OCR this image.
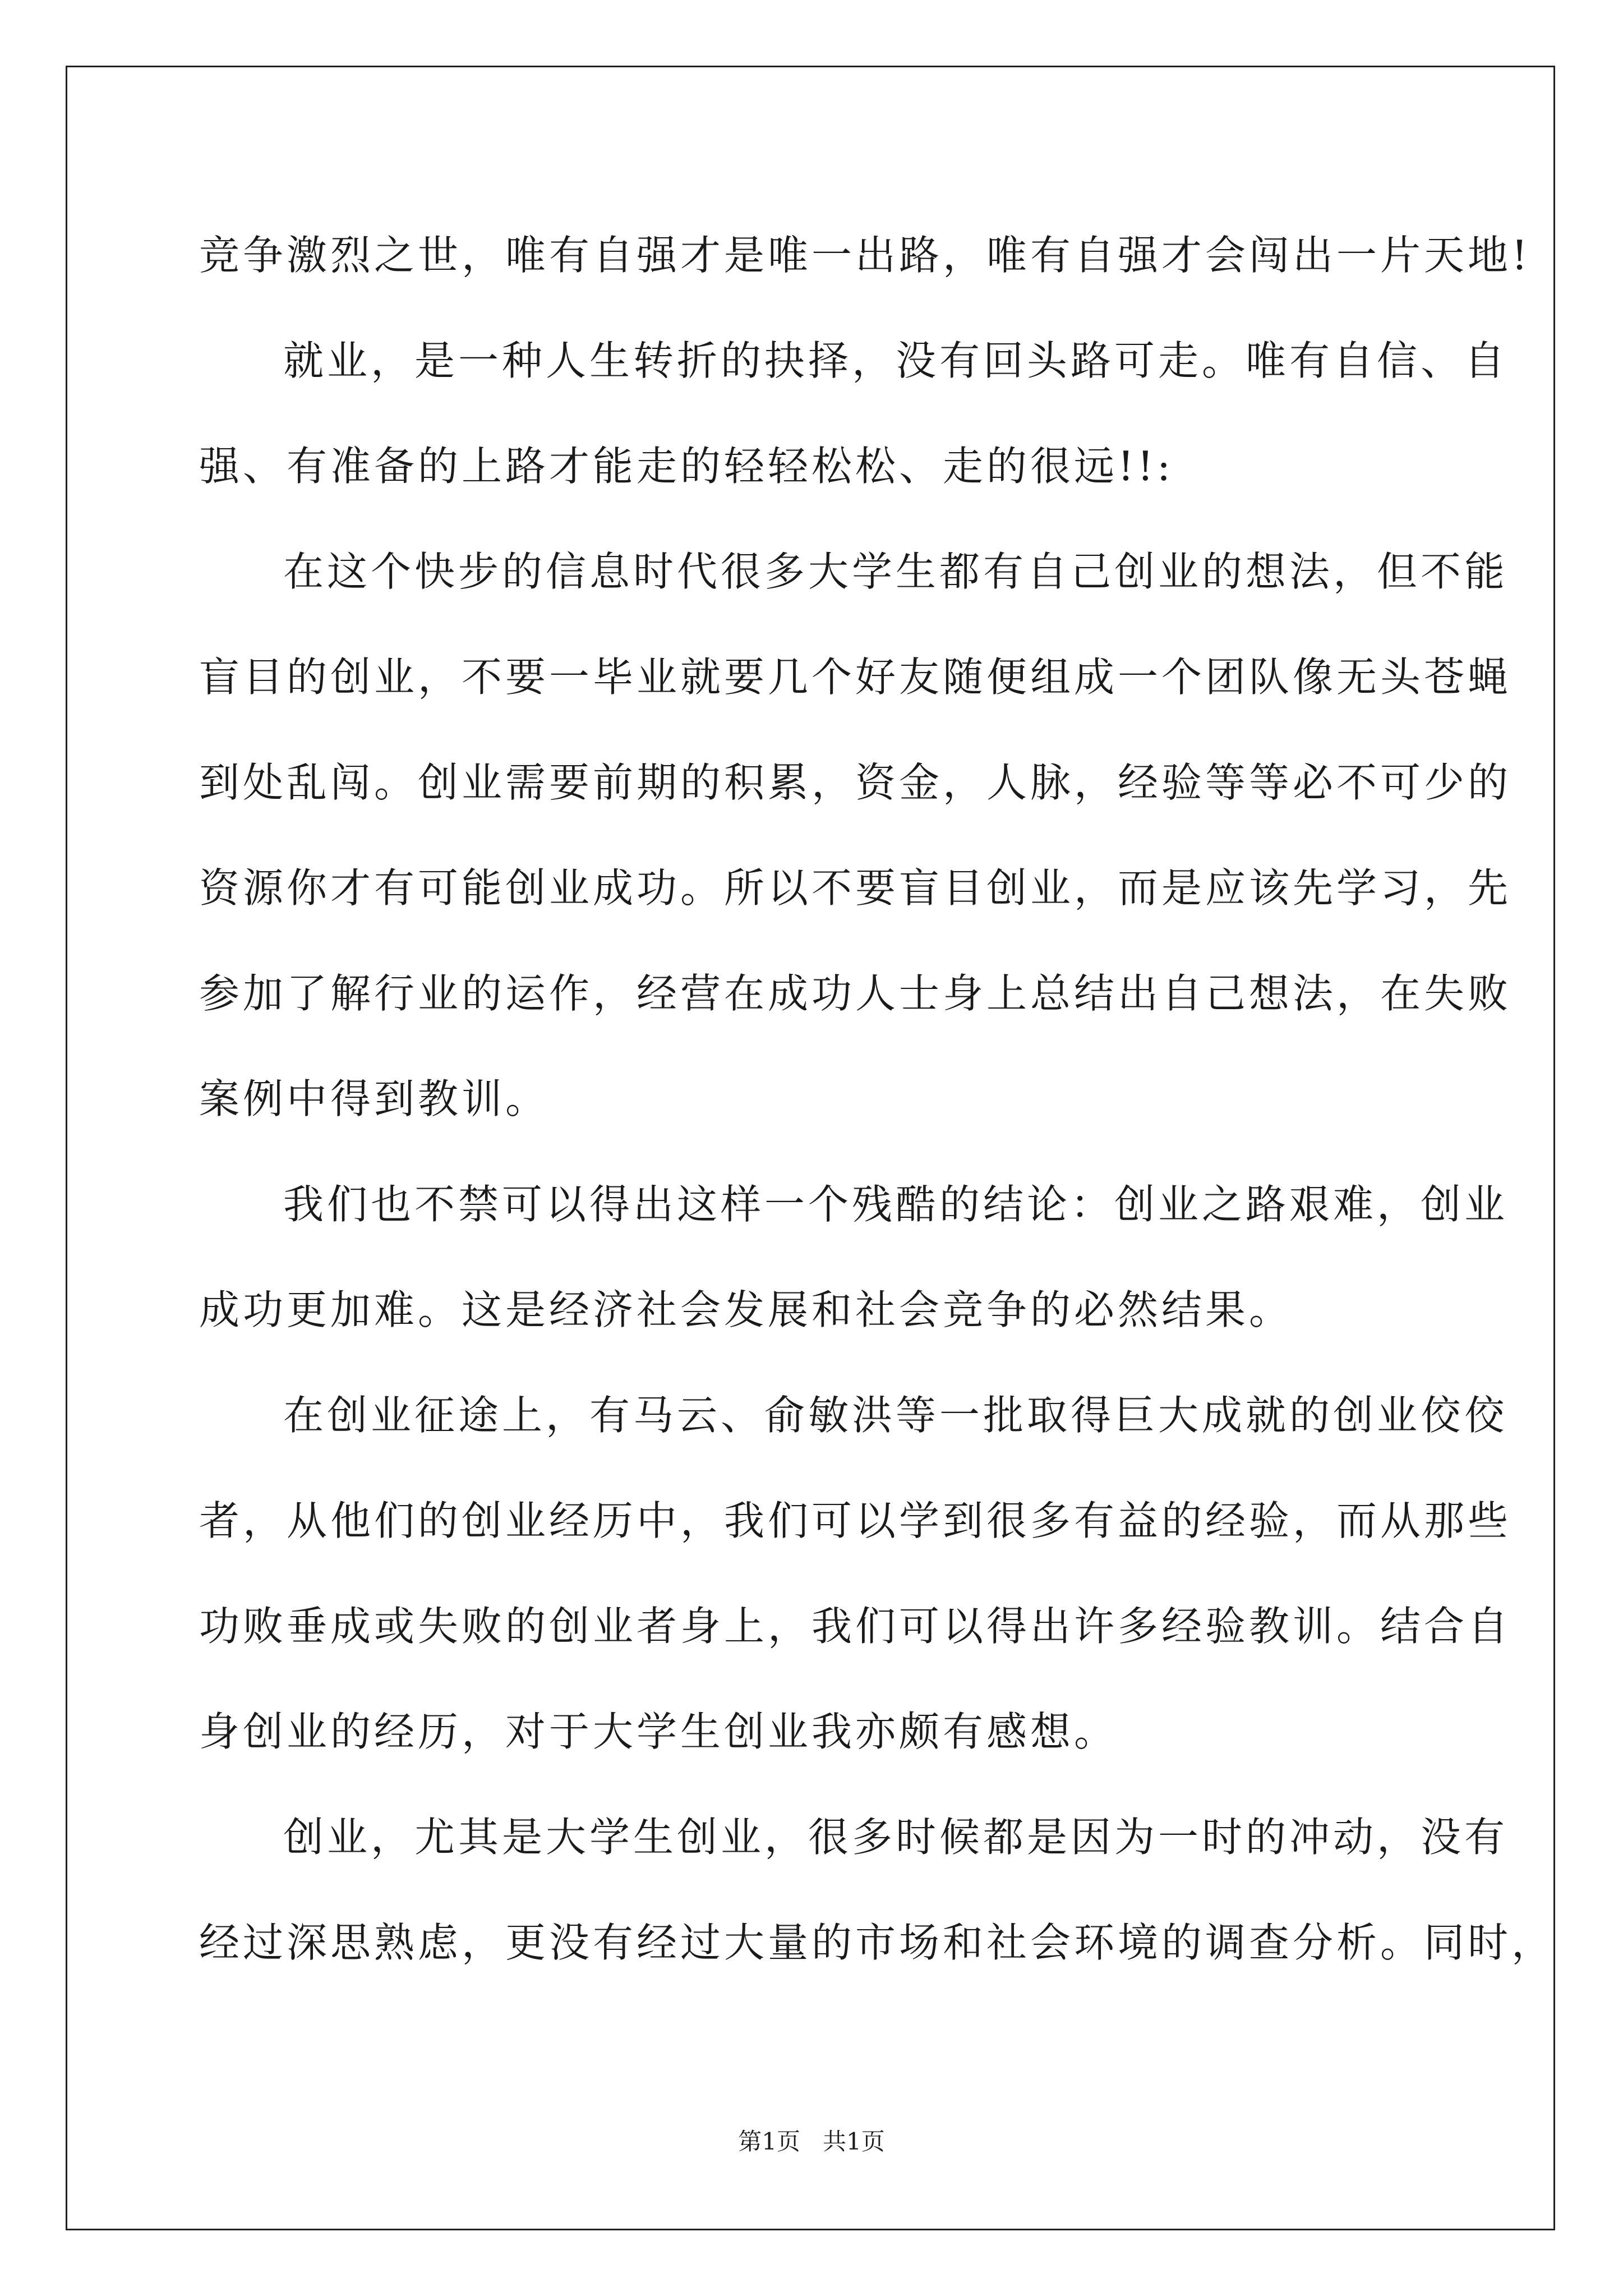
竞争激烈之世，唯有自强才是唯一出路，唯有自强才会闯出一片天地!
就业，是一种人生转折的抉择，没有回头路可走。唯有自信、自
强、有准备的上路才能走的轻轻松松、走的很远!!:
在这个快步的信息时代很多大学生都有自己创业的想法，但不能
盲目的创业，不要一毕业就要几个好友随便组成一个团队像无头苍蝇
到处乱闯。创业需要前期的积累，资金，人脉，经验等等必不可少的
资源你才有可能创业成功。所以不要盲目创业，而是应该先学习，先
参加了解行业的运作，经营在成功人士身上总结出自己想法，在失败
案例中得到教训。
我们也不禁可以得出这样一个残酷的结论：创业之路艰难，创业
成功更加难。这是经济社会发展和社会竞争的必然结果。
在创业征途上，有马云、俞敏洪等一批取得巨大成就的创业佼佼
者，从他们的创业经历中，我们可以学到很多有益的经验，而从那些
功败垂成或失败的创业者身上，我们可以得出许多经验教训。结合自
身创业的经历，对于大学生创业我亦颇有感想。
创业，尤其是大学生创业，很多时候都是因为一时的冲动，没有
经过深思熟虑，更没有经过大量的市场和社会环境的调查分析。同时，
第1页   共1页
